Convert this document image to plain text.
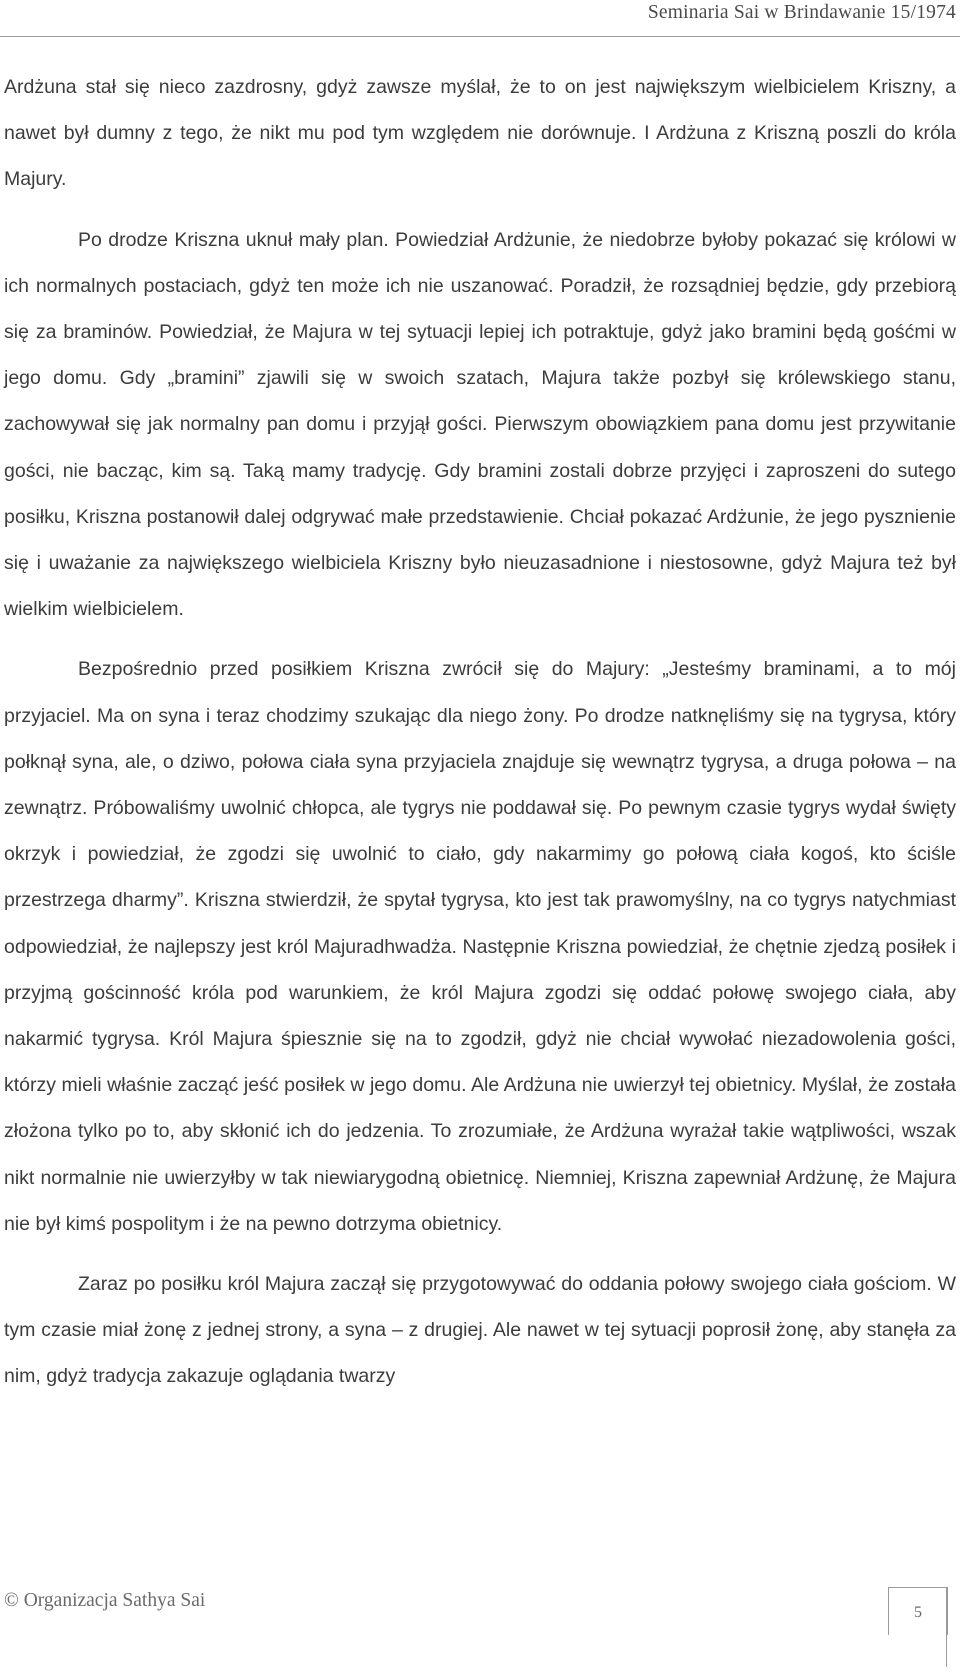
Seminaria Sai w Brindawanie 15/1974

Ardżuna stał się nieco zazdrosny, gdyż zawsze myślał, że to on jest największym wielbicielem Kriszny, a nawet był dumny z tego, że nikt mu pod tym względem nie dorównuje. I Ardżuna z Kriszną poszli do króla Majury.

Po drodze Kriszna uknuł mały plan. Powiedział Ardżunie, że niedobrze byłoby pokazać się królowi w ich normalnych postaciach, gdyż ten może ich nie uszanować. Poradził, że rozsądniej będzie, gdy przebiorą się za braminów. Powiedział, że Majura w tej sytuacji lepiej ich potraktuje, gdyż jako bramini będą gośćmi w jego domu. Gdy „bramini” zjawili się w swoich szatach, Majura także pozbył się królewskiego stanu, zachowywał się jak normalny pan domu i przyjął gości. Pierwszym obowiązkiem pana domu jest przywitanie gości, nie bacząc, kim są. Taką mamy tradycję. Gdy bramini zostali dobrze przyjęci i zaproszeni do sutego posiłku, Kriszna postanowił dalej odgrywać małe przedstawienie. Chciał pokazać Ardżunie, że jego pysznienie się i uważanie za największego wielbiciela Kriszny było nieuzasadnione i niestosowne, gdyż Majura też był wielkim wielbicielem.

Bezpośrednio przed posiłkiem Kriszna zwrócił się do Majury: „Jesteśmy braminami, a to mój przyjaciel. Ma on syna i teraz chodzimy szukając dla niego żony. Po drodze natknęliśmy się na tygrysa, który połknął syna, ale, o dziwo, połowa ciała syna przyjaciela znajduje się wewnątrz tygrysa, a druga połowa – na zewnątrz. Próbowaliśmy uwolnić chłopca, ale tygrys nie poddawał się. Po pewnym czasie tygrys wydał święty okrzyk i powiedział, że zgodzi się uwolnić to ciało, gdy nakarmimy go połową ciała kogoś, kto ściśle przestrzega dharmy”. Kriszna stwierdził, że spytał tygrysa, kto jest tak prawomyślny, na co tygrys natychmiast odpowiedział, że najlepszy jest król Majuradhwadża. Następnie Kriszna powiedział, że chętnie zjedzą posiłek i przyjmą gościnność króla pod warunkiem, że król Majura zgodzi się oddać połowę swojego ciała, aby nakarmić tygrysa. Król Majura śpiesznie się na to zgodził, gdyż nie chciał wywołać niezadowolenia gości, którzy mieli właśnie zacząć jeść posiłek w jego domu. Ale Ardżuna nie uwierzył tej obietnicy. Myślał, że została złożona tylko po to, aby skłonić ich do jedzenia. To zrozumiałe, że Ardżuna wyrażał takie wątpliwości, wszak nikt normalnie nie uwierzyłby w tak niewiarygodną obietnicę. Niemniej, Kriszna zapewniał Ardżunę, że Majura nie był kimś pospolitym i że na pewno dotrzyma obietnicy.

Zaraz po posiłku król Majura zaczął się przygotowywać do oddania połowy swojego ciała gościom. W tym czasie miał żonę z jednej strony, a syna – z drugiej. Ale nawet w tej sytuacji poprosił żonę, aby stanęła za nim, gdyż tradycja zakazuje oglądania twarzy

© Organizacja Sathya Sai
5
